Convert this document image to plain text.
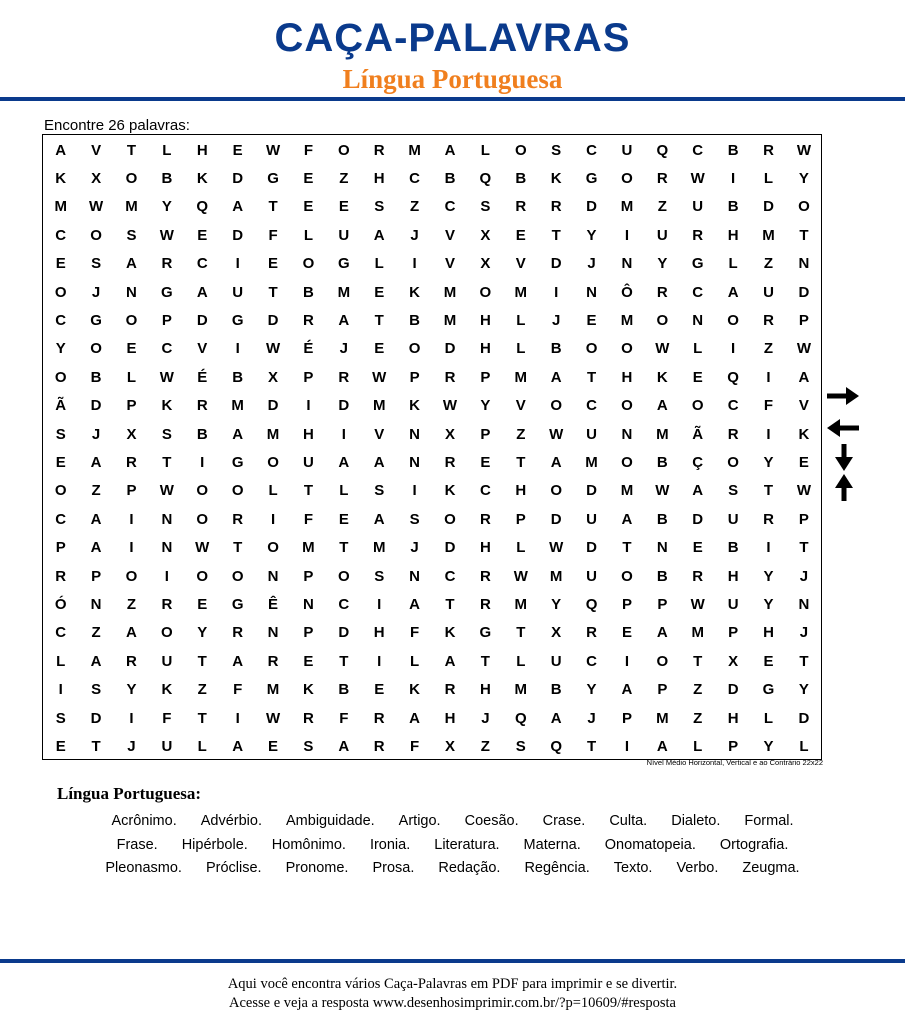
CAÇA-PALAVRAS
Língua Portuguesa
Encontre 26 palavras:
A	V	T	L	H	E	W	F	O	R	M	A	L	O	S	C	U	Q	C	B	R	W
K	X	O	B	K	D	G	E	Z	H	C	B	Q	B	K	G	O	R	W	I	L	Y
M	W	M	Y	Q	A	T	E	E	S	Z	C	S	R	R	D	M	Z	U	B	D	O
C	O	S	W	E	D	F	L	U	A	J	V	X	E	T	Y	I	U	R	H	M	T
E	S	A	R	C	I	E	O	G	L	I	V	X	V	D	J	N	Y	G	L	Z	N
O	J	N	G	A	U	T	B	M	E	K	M	O	M	I	N	Ô	R	C	A	U	D
C	G	O	P	D	G	D	R	A	T	B	M	H	L	J	E	M	O	N	O	R	P
Y	O	E	C	V	I	W	É	J	E	O	D	H	L	B	O	O	W	L	I	Z	W
O	B	L	W	É	B	X	P	R	W	P	R	P	M	A	T	H	K	E	Q	I	A
Ã	D	P	K	R	M	D	I	D	M	K	W	Y	V	O	C	O	A	O	C	F	V
S	J	X	S	B	A	M	H	I	V	N	X	P	Z	W	U	N	M	Ã	R	I	K
E	A	R	T	I	G	O	U	A	A	N	R	E	T	A	M	O	B	Ç	O	Y	E
O	Z	P	W	O	O	L	T	L	S	I	K	C	H	O	D	M	W	A	S	T	W
C	A	I	N	O	R	I	F	E	A	S	O	R	P	D	U	A	B	D	U	R	P
P	A	I	N	W	T	O	M	T	M	J	D	H	L	W	D	T	N	E	B	I	T
R	P	O	I	O	O	N	P	O	S	N	C	R	W	M	U	O	B	R	H	Y	J
Ó	N	Z	R	E	G	Ê	N	C	I	A	T	R	M	Y	Q	P	P	W	U	Y	N
C	Z	A	O	Y	R	N	P	D	H	F	K	G	T	X	R	E	A	M	P	H	J
L	A	R	U	T	A	R	E	T	I	L	A	T	L	U	C	I	O	T	X	E	T
I	S	Y	K	Z	F	M	K	B	E	K	R	H	M	B	Y	A	P	Z	D	G	Y
S	D	I	F	T	I	W	R	F	R	A	H	J	Q	A	J	P	M	Z	H	L	D
E	T	J	U	L	A	E	S	A	R	F	X	Z	S	Q	T	I	A	L	P	Y	L
Nível Médio Horizontal, Vertical e ao Contrário 22x22
Língua Portuguesa:
Acrônimo. Advérbio. Ambiguidade. Artigo. Coesão. Crase. Culta. Dialeto. Formal.
Frase. Hipérbole. Homônimo. Ironia. Literatura. Materna. Onomatopeia. Ortografia.
Pleonasmo. Próclise. Pronome. Prosa. Redação. Regência. Texto. Verbo. Zeugma.
Aqui você encontra vários Caça-Palavras em PDF para imprimir e se divertir.
Acesse e veja a resposta www.desenhosimprimir.com.br/?p=10609/#resposta
